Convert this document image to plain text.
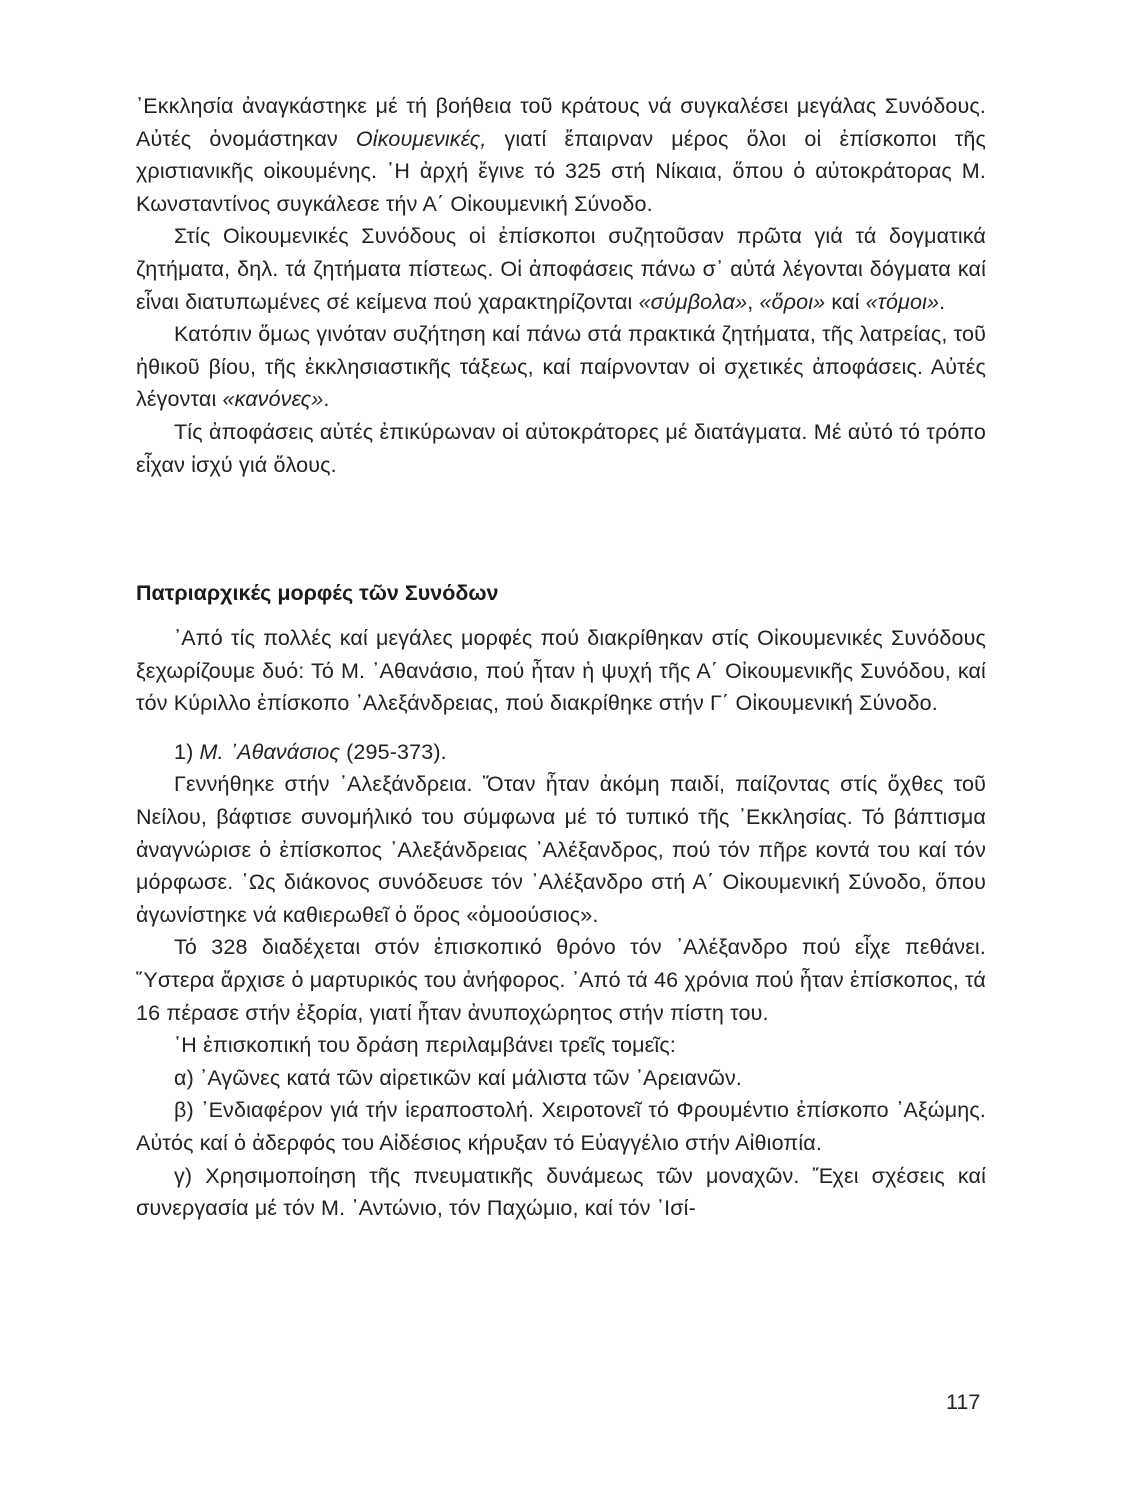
᾿Εκκλησία ἀναγκάστηκε μέ τή βοήθεια τοῦ κράτους νά συγκαλέσει μεγάλας Συνόδους. Αὐτές ὀνομάστηκαν Οἰκουμενικές, γιατί ἔπαιρναν μέρος ὅλοι οἱ ἐπίσκοποι τῆς χριστιανικῆς οἰκουμένης. ῾Η ἀρχή ἔγινε τό 325 στή Νίκαια, ὅπου ὁ αὐτοκράτορας Μ. Κωνσταντίνος συγκάλεσε τήν Α΄ Οἰκουμενική Σύνοδο.

Στίς Οἰκουμενικές Συνόδους οἱ ἐπίσκοποι συζητοῦσαν πρῶτα γιά τά δογματικά ζητήματα, δηλ. τά ζητήματα πίστεως. Οἱ ἀποφάσεις πάνω σ᾿ αὐτά λέγονται δόγματα καί εἶναι διατυπωμένες σέ κείμενα πού χαρακτηρίζονται «σύμβολα», «ὅροι» καί «τόμοι».

Κατόπιν ὅμως γινόταν συζήτηση καί πάνω στά πρακτικά ζητήματα, τῆς λατρείας, τοῦ ἠθικοῦ βίου, τῆς ἐκκλησιαστικῆς τάξεως, καί παίρνονταν οἱ σχετικές ἀποφάσεις. Αὐτές λέγονται «κανόνες».

Τίς ἀποφάσεις αὐτές ἐπικύρωναν οἱ αὐτοκράτορες μέ διατάγματα. Μέ αὐτό τό τρόπο εἶχαν ἰσχύ γιά ὅλους.

Πατριαρχικές μορφές τῶν Συνόδων

᾿Από τίς πολλές καί μεγάλες μορφές πού διακρίθηκαν στίς Οἰκουμενικές Συνόδους ξεχωρίζουμε δυό: Τό Μ. ᾿Αθανάσιο, πού ἦταν ἡ ψυχή τῆς Α΄ Οἰκουμενικῆς Συνόδου, καί τόν Κύριλλο ἐπίσκοπο ᾿Αλεξάνδρειας, πού διακρίθηκε στήν Γ΄ Οἰκουμενική Σύνοδο.

1) Μ. ᾿Αθανάσιος (295-373).

Γεννήθηκε στήν ᾿Αλεξάνδρεια. Ὅταν ἦταν ἀκόμη παιδί, παίζοντας στίς ὄχθες τοῦ Νείλου, βάφτισε συνομήλικό του σύμφωνα μέ τό τυπικό τῆς ᾿Εκκλησίας. Τό βάπτισμα ἀναγνώρισε ὁ ἐπίσκοπος ᾿Αλεξάνδρειας ᾿Αλέξανδρος, πού τόν πῆρε κοντά του καί τόν μόρφωσε. ῾Ως διάκονος συνόδευσε τόν ᾿Αλέξανδρο στή Α΄ Οἰκουμενική Σύνοδο, ὅπου ἀγωνίστηκε νά καθιερωθεῖ ὁ ὅρος «ὁμοούσιος».

Τό 328 διαδέχεται στόν ἐπισκοπικό θρόνο τόν ᾿Αλέξανδρο πού εἶχε πεθάνει. Ὕστερα ἄρχισε ὁ μαρτυρικός του ἀνήφορος. ᾿Από τά 46 χρόνια πού ἦταν ἐπίσκοπος, τά 16 πέρασε στήν ἐξορία, γιατί ἦταν ἀνυποχώρητος στήν πίστη του.

῾Η ἐπισκοπική του δράση περιλαμβάνει τρεῖς τομεῖς:

α) ᾿Αγῶνες κατά τῶν αἱρετικῶν καί μάλιστα τῶν ᾿Αρειανῶν.

β) ᾿Ενδιαφέρον γιά τήν ἱεραποστολή. Χειροτονεῖ τό Φρουμέντιο ἐπίσκοπο ᾿Αξώμης. Αὐτός καί ὁ ἀδερφός του Αἰδέσιος κήρυξαν τό Εὐαγγέλιο στήν Αἰθιοπία.

γ) Χρησιμοποίηση τῆς πνευματικῆς δυνάμεως τῶν μοναχῶν. Ἔχει σχέσεις καί συνεργασία μέ τόν Μ. ᾿Αντώνιο, τόν Παχώμιο, καί τόν ᾿Ισί-

117
